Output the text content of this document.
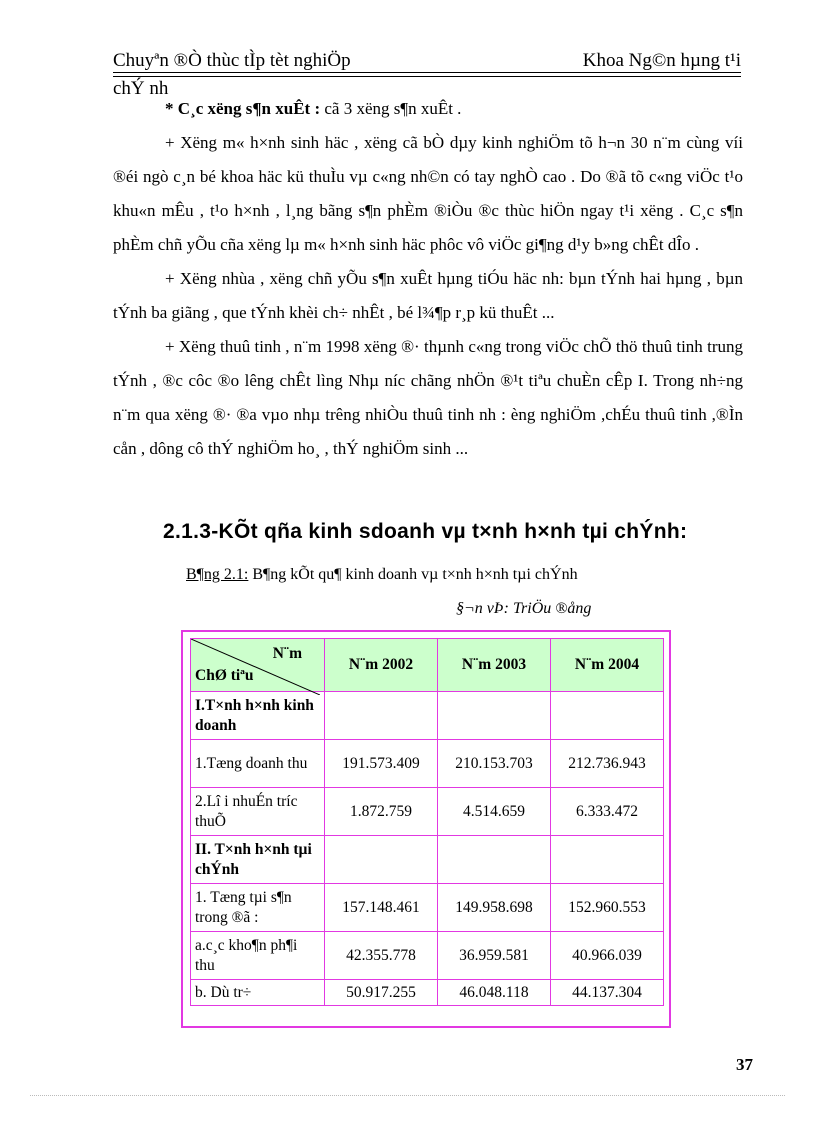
Chuyªn ®Ò thùc tÌp tèt nghiÖp	Khoa Ng©n hµng t¹i
chÝ nh

* C¸c xëng s¶n xuÊt : cã 3 xëng s¶n xuÊt .

+ Xëng m« h×nh sinh häc , xëng cã bÒ dµy kinh nghiÖm tõ h¬n 30 n¨m cùng víi ®éi ngò c¸n bé khoa häc kü thuÌu vµ c«ng nh©n có tay nghÒ cao . Do ®ã tõ c«ng viÖc t¹o khu«n mÊu , t¹o h×nh , l¸ng bãng s¶n phÈm ®iÒu ®c thùc hiÖn ngay t¹i xëng . C¸c s¶n phÈm chñ yÕu cña xëng lµ m« h×nh sinh häc phôc vô viÖc gi¶ng d¹y b»ng chÊt dÎo .

+ Xëng nhùa , xëng chñ yÕu s¶n xuÊt hµng tiÓu häc nh: bµn tÝnh hai hµng , bµn tÝnh ba giãng , que tÝnh khèi ch÷ nhÊt , bé l¾¶p r¸p kü thuÊt ...

+ Xëng thuû tinh , n¨m 1998 xëng ®· thµnh c«ng trong viÖc chÕ thö thuû tinh trung tÝnh , ®c côc ®o lêng chÊt lìng Nhµ níc chãng nhÖn ®¹t tiªu chuÈn cÊp I. Trong nh÷ng n¨m qua xëng ®· ®a vµo nhµ trêng nhiÒu thuû tinh nh : èng nghiÖm ,chÉu thuû tinh ,®Ìn cån , dông cô thÝ nghiÖm ho¸ , thÝ nghiÖm sinh ...

2.1.3-KÕt qña kinh sdoanh vµ t×nh h×nh tµi chÝnh:
B¶ng 2.1: B¶ng kÕt qu¶ kinh doanh vµ t×nh h×nh tµi chÝnh
§¬n vÞ: TriÖu ®ång
N¨m
ChØ tiªu	N¨m 2002	N¨m 2003	N¨m 2004
I.T×nh h×nh kinh doanh			
1.Tæng doanh thu	191.573.409	210.153.703	212.736.943
2.Lî i nhuÉn tríc thuÕ	1.872.759	4.514.659	6.333.472
II. T×nh h×nh tµi chÝnh			
1. Tæng tµi s¶n trong ®ã :	157.148.461	149.958.698	152.960.553
a.c¸c kho¶n ph¶i thu	42.355.778	36.959.581	40.966.039
b. Dù tr÷	50.917.255	46.048.118	44.137.304
37
